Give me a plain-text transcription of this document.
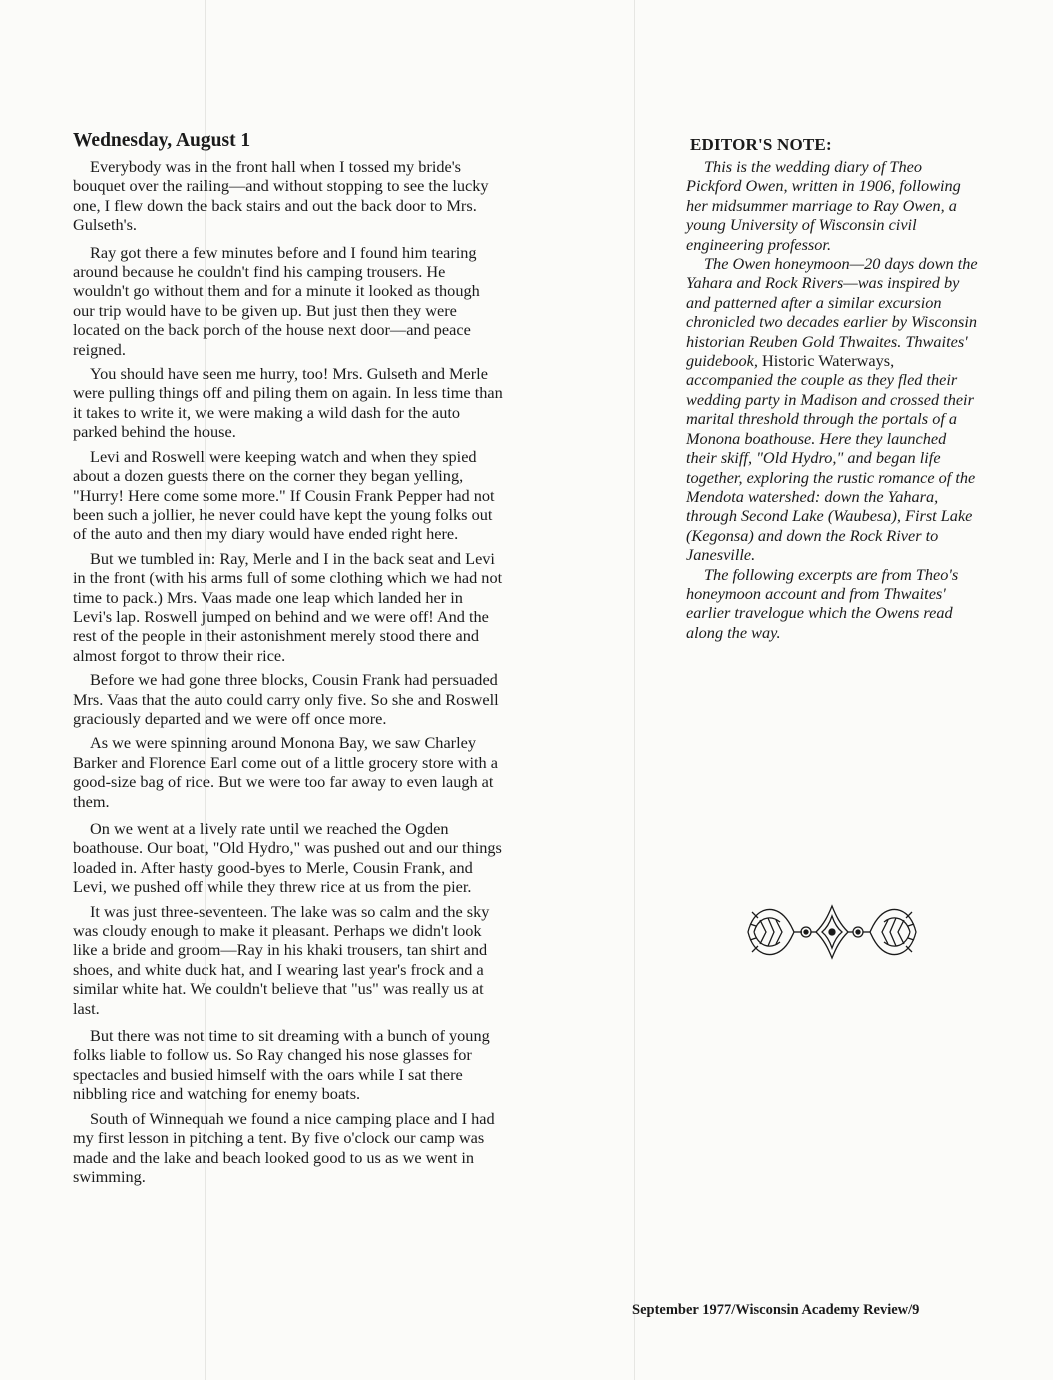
Wednesday, August 1

Everybody was in the front hall when I tossed my bride's bouquet over the railing—and without stopping to see the lucky one, I flew down the back stairs and out the back door to Mrs. Gulseth's.

Ray got there a few minutes before and I found him tearing around because he couldn't find his camping trousers. He wouldn't go without them and for a minute it looked as though our trip would have to be given up. But just then they were located on the back porch of the house next door—and peace reigned.

You should have seen me hurry, too! Mrs. Gulseth and Merle were pulling things off and piling them on again. In less time than it takes to write it, we were making a wild dash for the auto parked behind the house.

Levi and Roswell were keeping watch and when they spied about a dozen guests there on the corner they began yelling, "Hurry! Here come some more." If Cousin Frank Pepper had not been such a jollier, he never could have kept the young folks out of the auto and then my diary would have ended right here.

But we tumbled in: Ray, Merle and I in the back seat and Levi in the front (with his arms full of some clothing which we had not time to pack.) Mrs. Vaas made one leap which landed her in Levi's lap. Roswell jumped on behind and we were off! And the rest of the people in their astonishment merely stood there and almost forgot to throw their rice.

Before we had gone three blocks, Cousin Frank had persuaded Mrs. Vaas that the auto could carry only five. So she and Roswell graciously departed and we were off once more.

As we were spinning around Monona Bay, we saw Charley Barker and Florence Earl come out of a little grocery store with a good-size bag of rice. But we were too far away to even laugh at them.

On we went at a lively rate until we reached the Ogden boathouse. Our boat, "Old Hydro," was pushed out and our things loaded in. After hasty good-byes to Merle, Cousin Frank, and Levi, we pushed off while they threw rice at us from the pier.

It was just three-seventeen. The lake was so calm and the sky was cloudy enough to make it pleasant. Perhaps we didn't look like a bride and groom—Ray in his khaki trousers, tan shirt and shoes, and white duck hat, and I wearing last year's frock and a similar white hat. We couldn't believe that "us" was really us at last.

But there was not time to sit dreaming with a bunch of young folks liable to follow us. So Ray changed his nose glasses for spectacles and busied himself with the oars while I sat there nibbling rice and watching for enemy boats.

South of Winnequah we found a nice camping place and I had my first lesson in pitching a tent. By five o'clock our camp was made and the lake and beach looked good to us as we went in swimming.

EDITOR'S NOTE:

This is the wedding diary of Theo Pickford Owen, written in 1906, following her midsummer marriage to Ray Owen, a young University of Wisconsin civil engineering professor.

The Owen honeymoon—20 days down the Yahara and Rock Rivers—was inspired by and patterned after a similar excursion chronicled two decades earlier by Wisconsin historian Reuben Gold Thwaites. Thwaites' guidebook, Historic Waterways, accompanied the couple as they fled their wedding party in Madison and crossed their marital threshold through the portals of a Monona boathouse. Here they launched their skiff, "Old Hydro," and began life together, exploring the rustic romance of the Mendota watershed: down the Yahara, through Second Lake (Waubesa), First Lake (Kegonsa) and down the Rock River to Janesville.

The following excerpts are from Theo's honeymoon account and from Thwaites' earlier travelogue which the Owens read along the way.

September 1977/Wisconsin Academy Review/9
